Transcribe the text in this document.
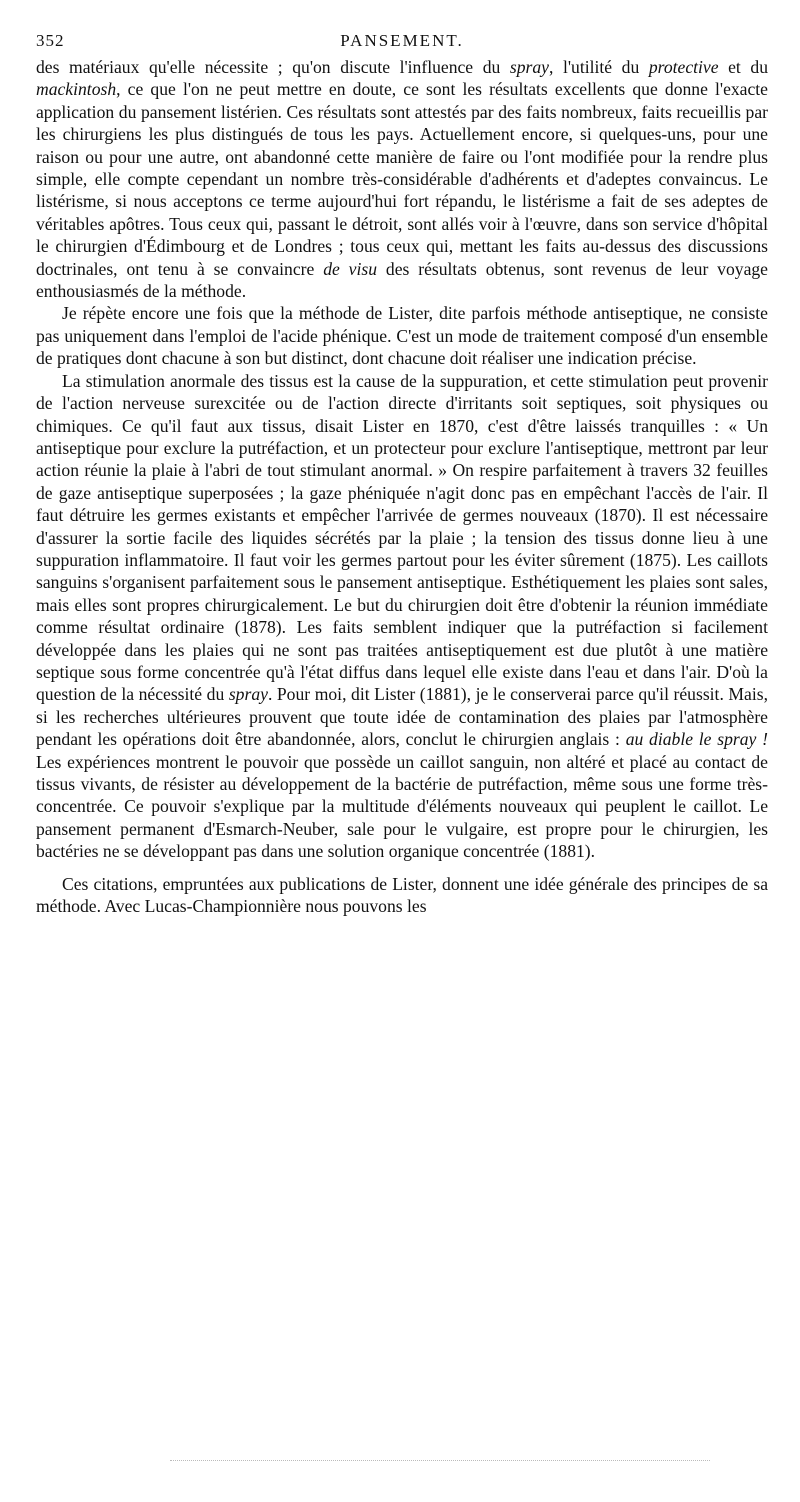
352	PANSEMENT.

des matériaux qu'elle nécessite ; qu'on discute l'influence du spray, l'utilité du protective et du mackintosh, ce que l'on ne peut mettre en doute, ce sont les résultats excellents que donne l'exacte application du pansement listérien. Ces résultats sont attestés par des faits nombreux, faits recueillis par les chirurgiens les plus distingués de tous les pays. Actuellement encore, si quelques-uns, pour une raison ou pour une autre, ont abandonné cette manière de faire ou l'ont modifiée pour la rendre plus simple, elle compte cependant un nombre très-considérable d'adhérents et d'adeptes convaincus. Le listérisme, si nous acceptons ce terme aujourd'hui fort répandu, le listérisme a fait de ses adeptes de véritables apôtres. Tous ceux qui, passant le détroit, sont allés voir à l'œuvre, dans son service d'hôpital le chirurgien d'Édimbourg et de Londres ; tous ceux qui, mettant les faits au-dessus des discussions doctrinales, ont tenu à se convaincre de visu des résultats obtenus, sont revenus de leur voyage enthousiasmés de la méthode.

Je répète encore une fois que la méthode de Lister, dite parfois méthode antiseptique, ne consiste pas uniquement dans l'emploi de l'acide phénique. C'est un mode de traitement composé d'un ensemble de pratiques dont chacune à son but distinct, dont chacune doit réaliser une indication précise.

La stimulation anormale des tissus est la cause de la suppuration, et cette stimulation peut provenir de l'action nerveuse surexcitée ou de l'action directe d'irritants soit septiques, soit physiques ou chimiques. Ce qu'il faut aux tissus, disait Lister en 1870, c'est d'être laissés tranquilles : « Un antiseptique pour exclure la putréfaction, et un protecteur pour exclure l'antiseptique, mettront par leur action réunie la plaie à l'abri de tout stimulant anormal. » On respire parfaitement à travers 32 feuilles de gaze antiseptique superposées ; la gaze phéniquée n'agit donc pas en empêchant l'accès de l'air. Il faut détruire les germes existants et empêcher l'arrivée de germes nouveaux (1870). Il est nécessaire d'assurer la sortie facile des liquides sécrétés par la plaie ; la tension des tissus donne lieu à une suppuration inflammatoire. Il faut voir les germes partout pour les éviter sûrement (1875). Les caillots sanguins s'organisent parfaitement sous le pansement antiseptique. Esthétiquement les plaies sont sales, mais elles sont propres chirurgicalement. Le but du chirurgien doit être d'obtenir la réunion immédiate comme résultat ordinaire (1878). Les faits semblent indiquer que la putréfaction si facilement développée dans les plaies qui ne sont pas traitées antiseptiquement est due plutôt à une matière septique sous forme concentrée qu'à l'état diffus dans lequel elle existe dans l'eau et dans l'air. D'où la question de la nécessité du spray. Pour moi, dit Lister (1881), je le conserverai parce qu'il réussit. Mais, si les recherches ultérieures prouvent que toute idée de contamination des plaies par l'atmosphère pendant les opérations doit être abandonnée, alors, conclut le chirurgien anglais : au diable le spray ! Les expériences montrent le pouvoir que possède un caillot sanguin, non altéré et placé au contact de tissus vivants, de résister au développement de la bactérie de putréfaction, même sous une forme très-concentrée. Ce pouvoir s'explique par la multitude d'éléments nouveaux qui peuplent le caillot. Le pansement permanent d'Esmarch-Neuber, sale pour le vulgaire, est propre pour le chirurgien, les bactéries ne se développant pas dans une solution organique concentrée (1881).

Ces citations, empruntées aux publications de Lister, donnent une idée générale des principes de sa méthode. Avec Lucas-Championnière nous pouvons les
